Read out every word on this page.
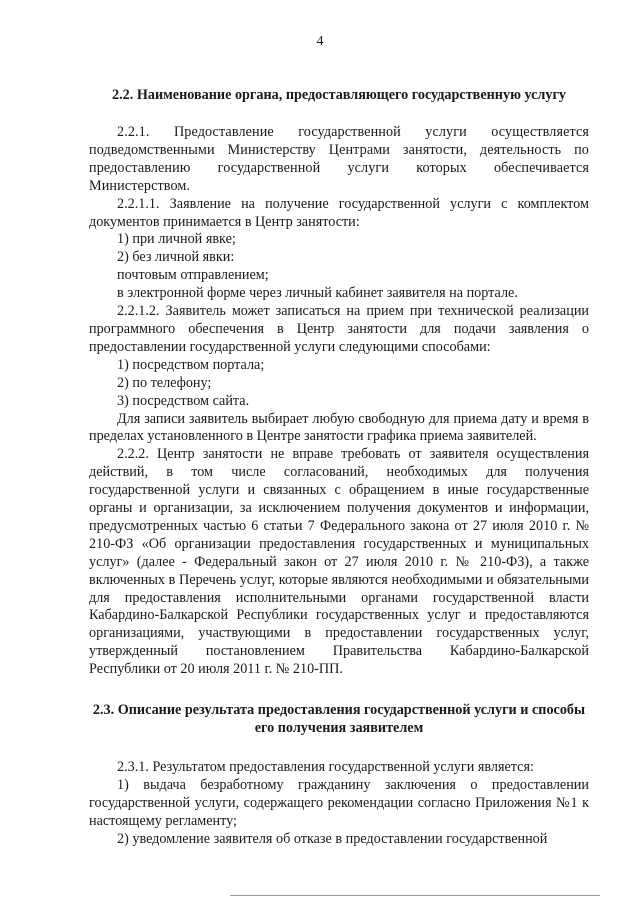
4

2.2. Наименование органа, предоставляющего государственную услугу

2.2.1. Предоставление государственной услуги осуществляется подведомственными Министерству Центрами занятости, деятельность по предоставлению государственной услуги которых обеспечивается Министерством.

2.2.1.1. Заявление на получение государственной услуги с комплектом документов принимается в Центр занятости:

1) при личной явке;

2) без личной явки:

почтовым отправлением;

в электронной форме через личный кабинет заявителя на портале.

2.2.1.2. Заявитель может записаться на прием при технической реализации программного обеспечения в Центр занятости для подачи заявления о предоставлении государственной услуги следующими способами:

1) посредством портала;

2) по телефону;

3) посредством сайта.

Для записи заявитель выбирает любую свободную для приема дату и время в пределах установленного в Центре занятости графика приема заявителей.

2.2.2. Центр занятости не вправе требовать от заявителя осуществления действий, в том числе согласований, необходимых для получения государственной услуги и связанных с обращением в иные государственные органы и организации, за исключением получения документов и информации, предусмотренных частью 6 статьи 7 Федерального закона от 27 июля 2010 г. № 210-ФЗ «Об организации предоставления государственных и муниципальных услуг» (далее - Федеральный закон от 27 июля 2010 г. № 210-ФЗ), а также включенных в Перечень услуг, которые являются необходимыми и обязательными для предоставления исполнительными органами государственной власти Кабардино-Балкарской Республики государственных услуг и предоставляются организациями, участвующими в предоставлении государственных услуг, утвержденный постановлением Правительства Кабардино-Балкарской Республики от 20 июля 2011 г. № 210-ПП.

2.3. Описание результата предоставления государственной услуги и способы его получения заявителем

2.3.1. Результатом предоставления государственной услуги является:

1) выдача безработному гражданину заключения о предоставлении государственной услуги, содержащего рекомендации согласно Приложения №1 к настоящему регламенту;

2) уведомление заявителя об отказе в предоставлении государственной
